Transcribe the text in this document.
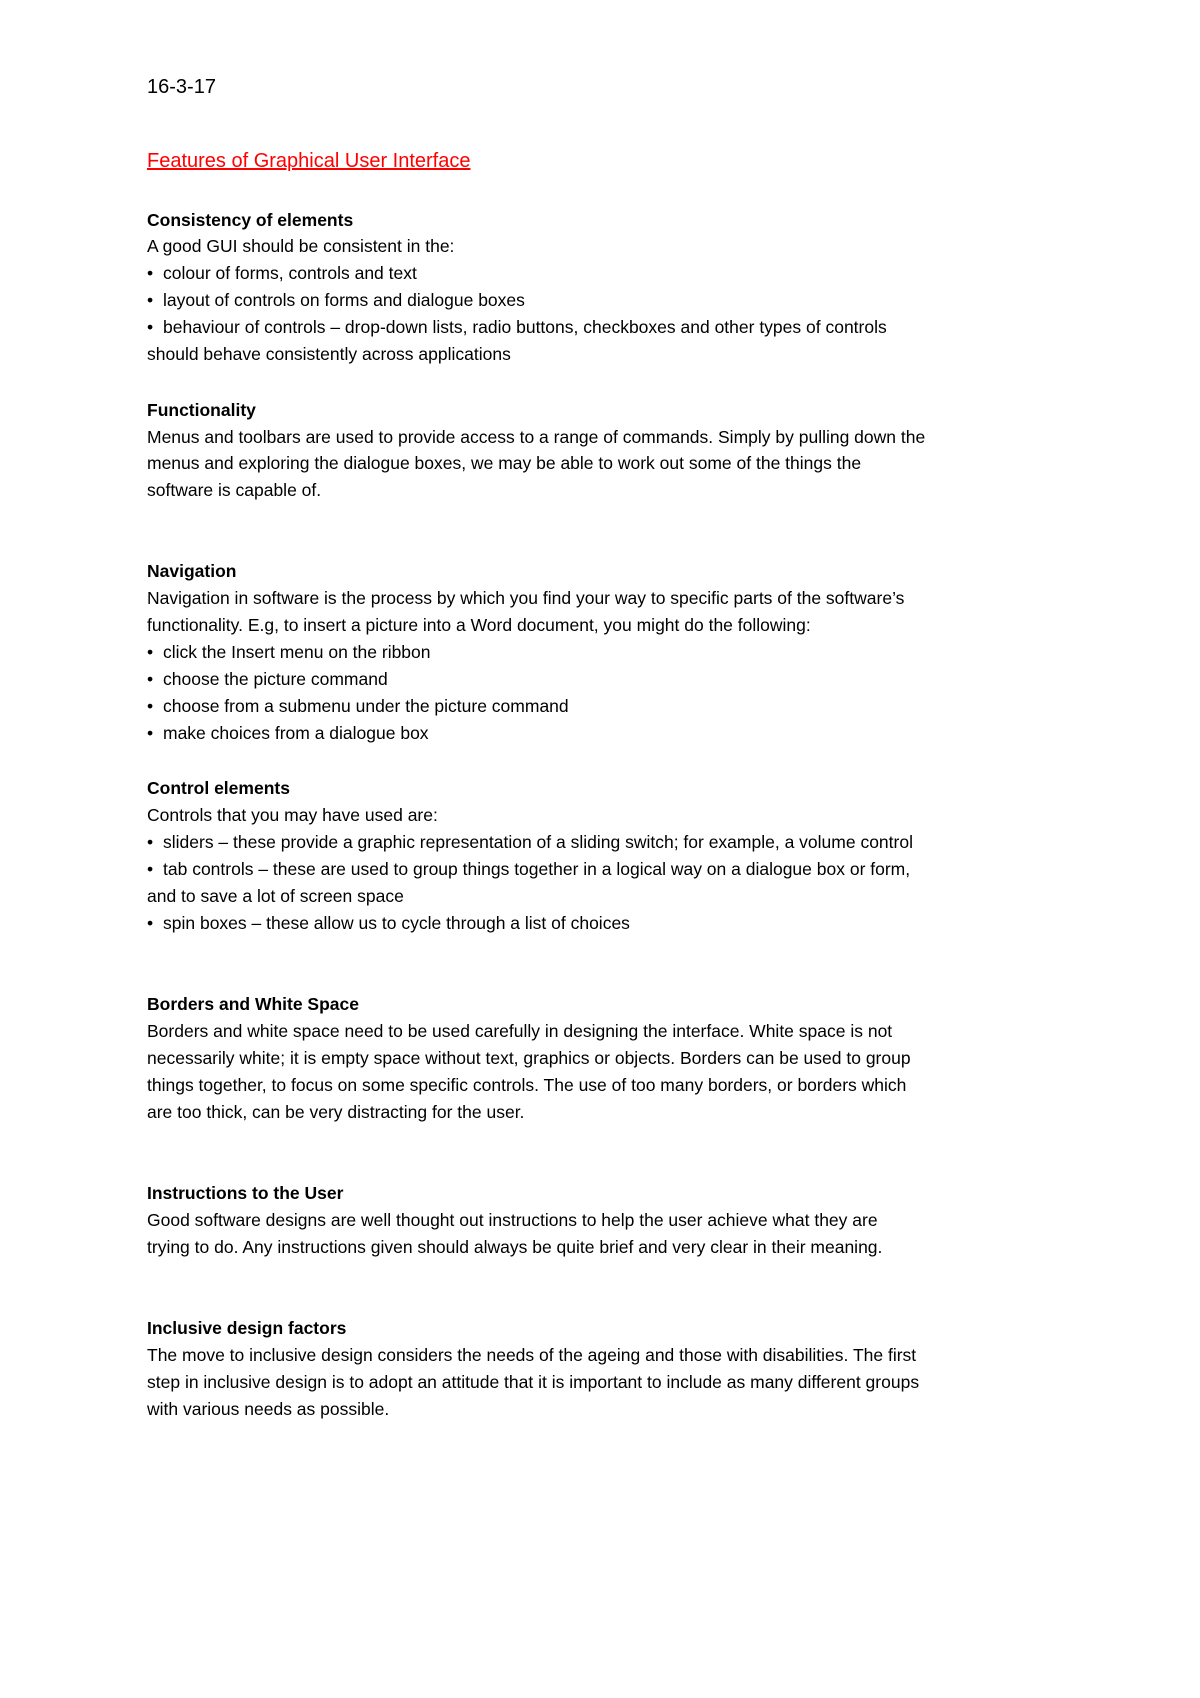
16-3-17

Features of Graphical User Interface

Consistency of elements

A good GUI should be consistent in the:

• colour of forms, controls and text

• layout of controls on forms and dialogue boxes

• behaviour of controls – drop-down lists, radio buttons, checkboxes and other types of controls

should behave consistently across applications

Functionality

Menus and toolbars are used to provide access to a range of commands. Simply by pulling down the

menus and exploring the dialogue boxes, we may be able to work out some of the things the

software is capable of.

Navigation

Navigation in software is the process by which you find your way to specific parts of the software’s

functionality. E.g, to insert a picture into a Word document, you might do the following:

• click the Insert menu on the ribbon

• choose the picture command

• choose from a submenu under the picture command

• make choices from a dialogue box

Control elements

Controls that you may have used are:

• sliders – these provide a graphic representation of a sliding switch; for example, a volume control

• tab controls – these are used to group things together in a logical way on a dialogue box or form,

and to save a lot of screen space

• spin boxes – these allow us to cycle through a list of choices

Borders and White Space

Borders and white space need to be used carefully in designing the interface. White space is not

necessarily white; it is empty space without text, graphics or objects. Borders can be used to group

things together, to focus on some specific controls. The use of too many borders, or borders which

are too thick, can be very distracting for the user.

Instructions to the User

Good software designs are well thought out instructions to help the user achieve what they are

trying to do. Any instructions given should always be quite brief and very clear in their meaning.

Inclusive design factors

The move to inclusive design considers the needs of the ageing and those with disabilities. The first

step in inclusive design is to adopt an attitude that it is important to include as many different groups

with various needs as possible.
